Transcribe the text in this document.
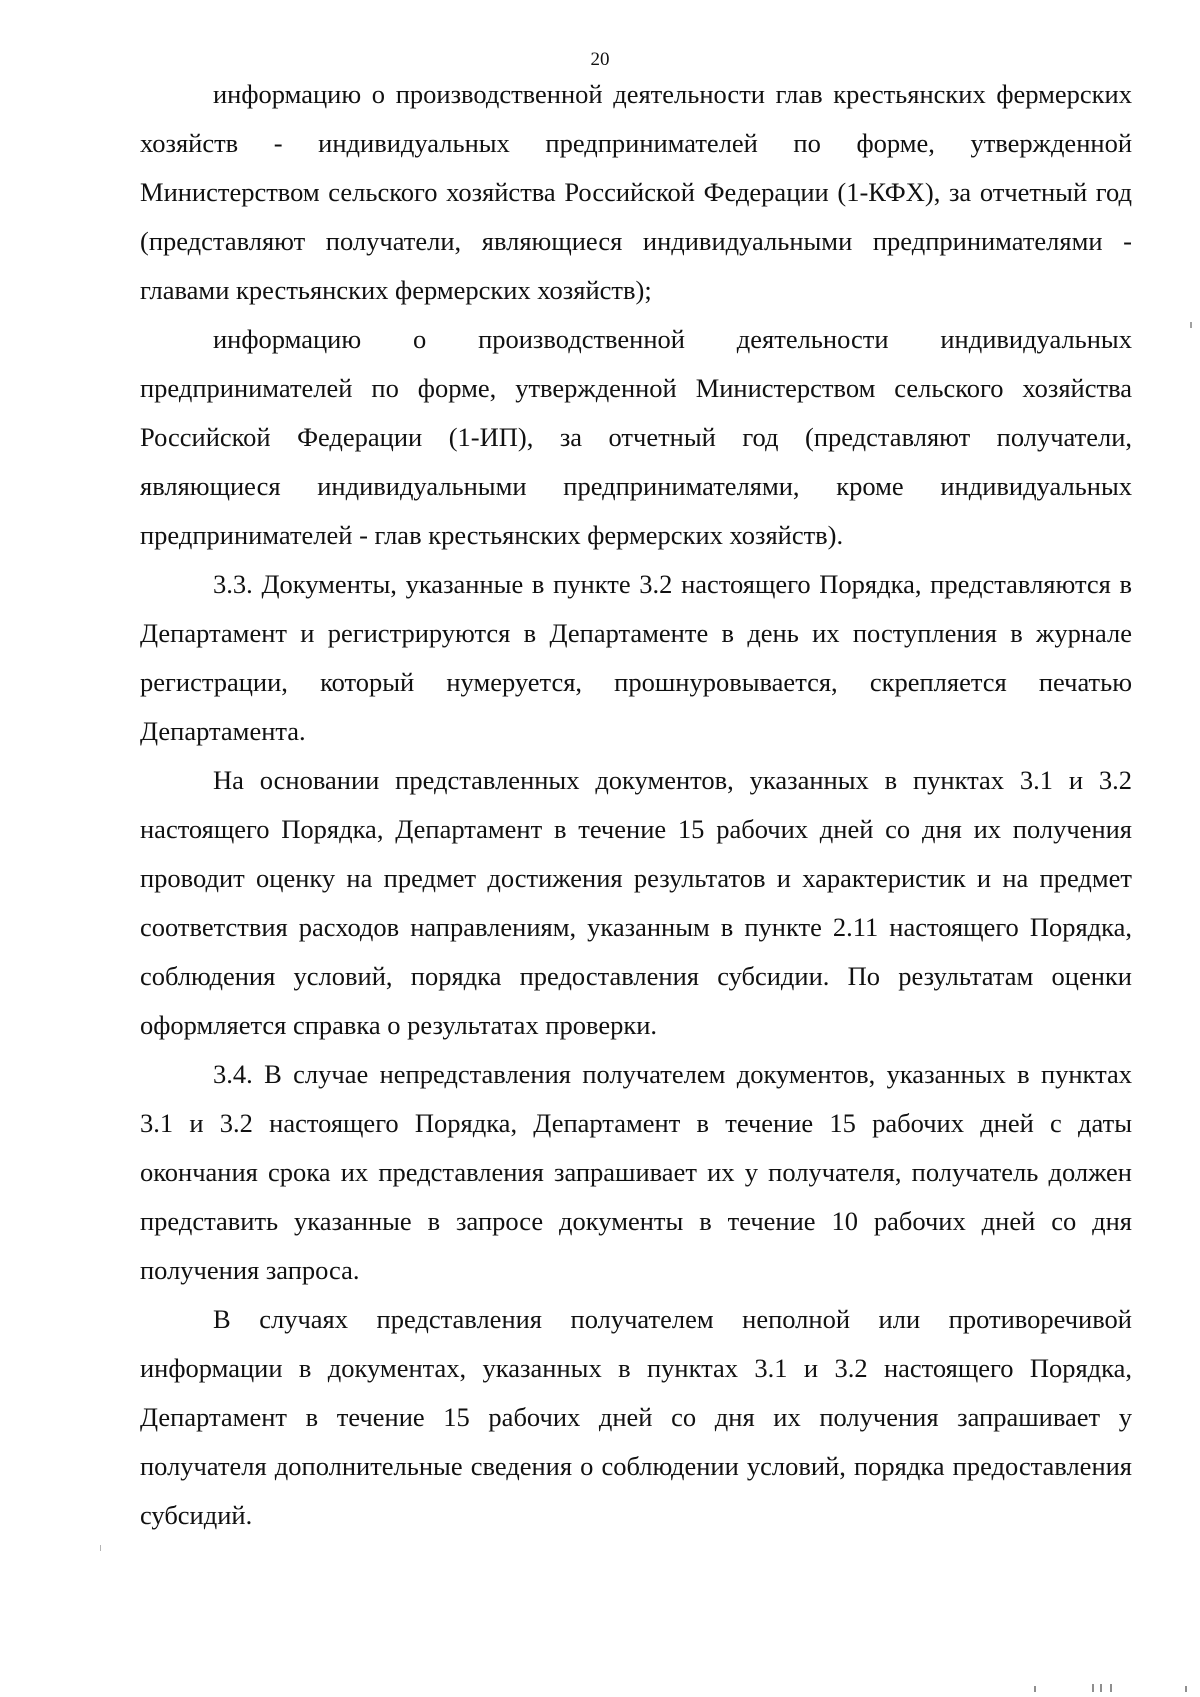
20

информацию о производственной деятельности глав крестьянских фермерских хозяйств - индивидуальных предпринимателей по форме, утвержденной Министерством сельского хозяйства Российской Федерации (1-КФХ), за отчетный год (представляют получатели, являющиеся индивидуальными предпринимателями - главами крестьянских фермерских хозяйств);

информацию о производственной деятельности индивидуальных предпринимателей по форме, утвержденной Министерством сельского хозяйства Российской Федерации (1-ИП), за отчетный год (представляют получатели, являющиеся индивидуальными предпринимателями, кроме индивидуальных предпринимателей - глав крестьянских фермерских хозяйств).

3.3. Документы, указанные в пункте 3.2 настоящего Порядка, представляются в Департамент и регистрируются в Департаменте в день их поступления в журнале регистрации, который нумеруется, прошнуровывается, скрепляется печатью Департамента.

На основании представленных документов, указанных в пунктах 3.1 и 3.2 настоящего Порядка, Департамент в течение 15 рабочих дней со дня их получения проводит оценку на предмет достижения результатов и характеристик и на предмет соответствия расходов направлениям, указанным в пункте 2.11 настоящего Порядка, соблюдения условий, порядка предоставления субсидии. По результатам оценки оформляется справка о результатах проверки.

3.4. В случае непредставления получателем документов, указанных в пунктах 3.1 и 3.2 настоящего Порядка, Департамент в течение 15 рабочих дней с даты окончания срока их представления запрашивает их у получателя, получатель должен представить указанные в запросе документы в течение 10 рабочих дней со дня получения запроса.

В случаях представления получателем неполной или противоречивой информации в документах, указанных в пунктах 3.1 и 3.2 настоящего Порядка, Департамент в течение 15 рабочих дней со дня их получения запрашивает у получателя дополнительные сведения о соблюдении условий, порядка предоставления субсидий.
